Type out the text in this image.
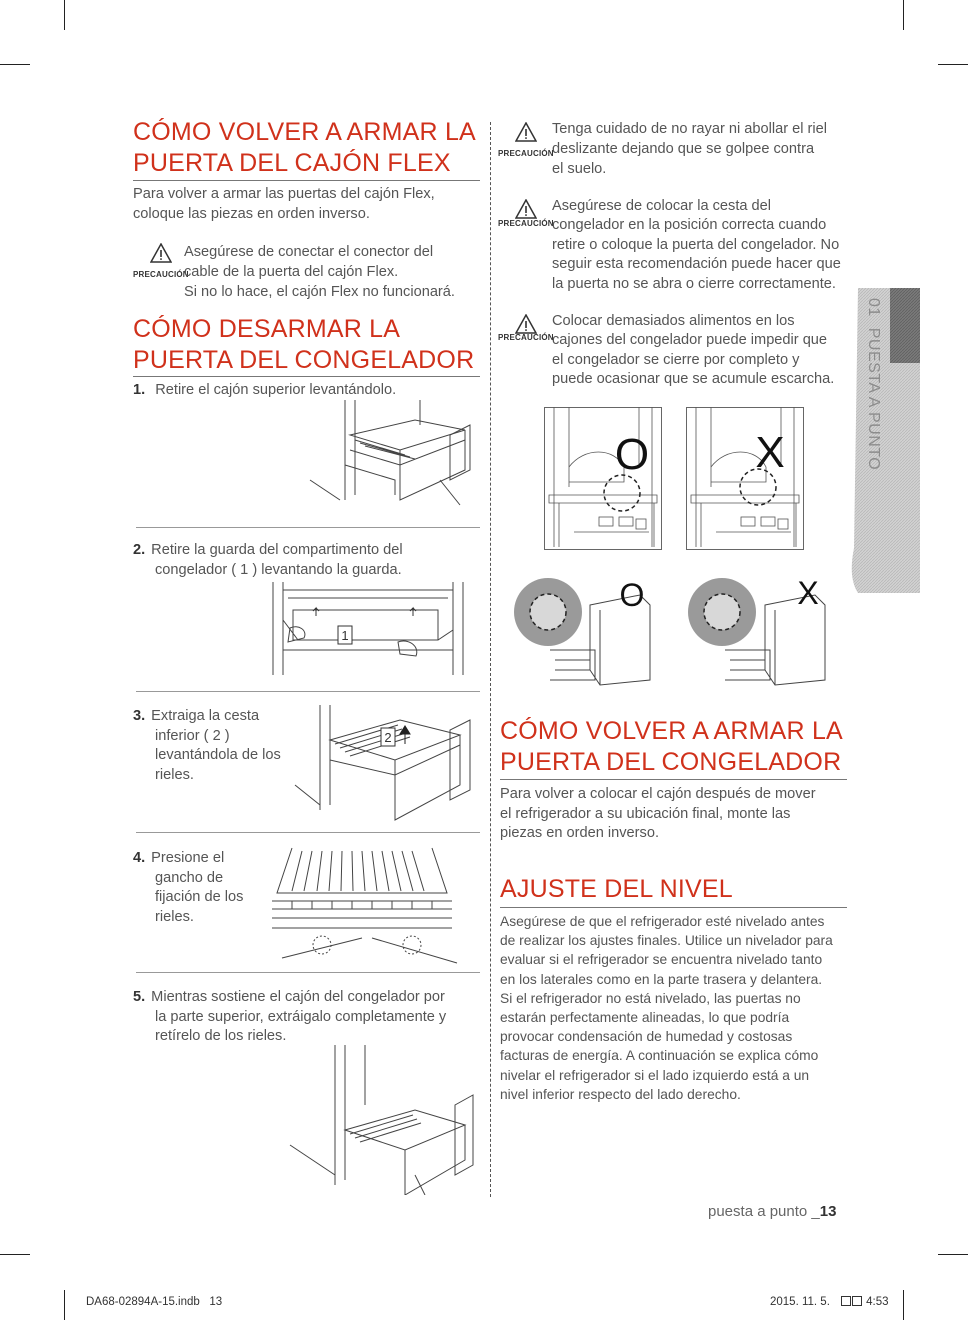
CÓMO VOLVER A ARMAR LA
PUERTA DEL CAJÓN FLEX
Para volver a armar las puertas del cajón Flex,
coloque las piezas en orden inverso.
PRECAUCIÓN
Asegúrese de conectar el conector del
cable de la puerta del cajón Flex.
Si no lo hace, el cajón Flex no funcionará.
CÓMO DESARMAR LA
PUERTA DEL CONGELADOR
1. Retire el cajón superior levantándolo.
2. Retire la guarda del compartimento del
congelador ( 1 ) levantando la guarda.
1
3. Extraiga la cesta
inferior ( 2 )
levantándola de los
rieles.
2
4. Presione el
gancho de
fijación de los
rieles.
5. Mientras sostiene el cajón del congelador por
la parte superior, extráigalo completamente y
retírelo de los rieles.
PRECAUCIÓN
Tenga cuidado de no rayar ni abollar el riel
deslizante dejando que se golpee contra
el suelo.
PRECAUCIÓN
Asegúrese de colocar la cesta del
congelador en la posición correcta cuando
retire o coloque la puerta del congelador. No
seguir esta recomendación puede hacer que
la puerta no se abra o cierre correctamente.
PRECAUCIÓN
Colocar demasiados alimentos en los
cajones del congelador puede impedir que
el congelador se cierre por completo y
puede ocasionar que se acumule escarcha.
O X
O	X
CÓMO VOLVER A ARMAR LA
PUERTA DEL CONGELADOR
Para volver a colocar el cajón después de mover
el refrigerador a su ubicación final, monte las
piezas en orden inverso.
AJUSTE DEL NIVEL
Asegúrese de que el refrigerador esté nivelado antes
de realizar los ajustes finales. Utilice un nivelador para
evaluar si el refrigerador se encuentra nivelado tanto
en los laterales como en la parte trasera y delantera.
Si el refrigerador no está nivelado, las puertas no
estarán perfectamente alineadas, lo que podría
provocar condensación de humedad y costosas
facturas de energía. A continuación se explica cómo
nivelar el refrigerador si el lado izquierdo está a un
nivel inferior respecto del lado derecho.
01 PUESTA A PUNTO
puesta a punto _13
DA68-02894A-15.indb   13	2015. 11. 5.	4:53
